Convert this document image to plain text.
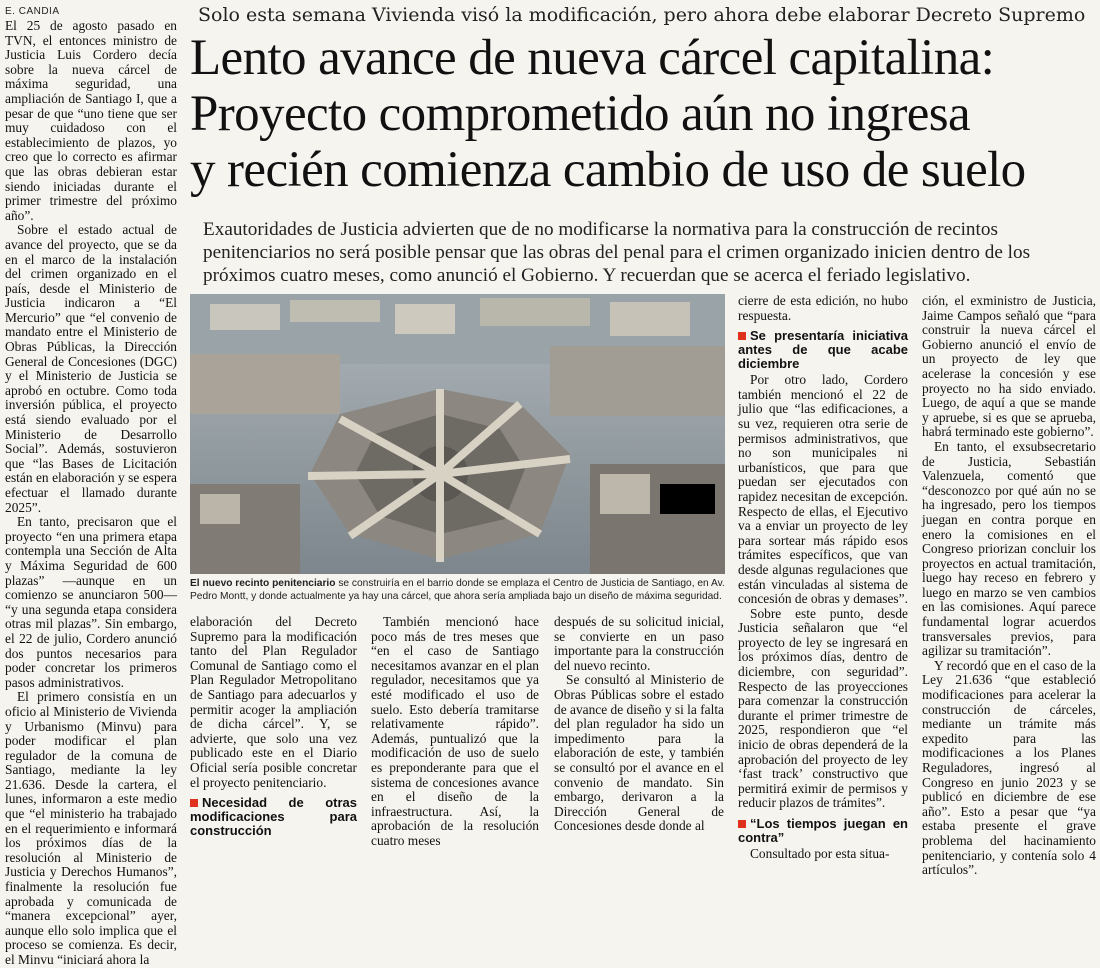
E. CANDIA	Solo esta semana Vivienda visó la modificación, pero ahora debe elaborar Decreto Supremo
Lento avance de nueva cárcel capitalina:
Proyecto comprometido aún no ingresa
y recién comienza cambio de uso de suelo

Exautoridades de Justicia advierten que de no modificarse la normativa para la construcción de recintos penitenciarios no será posible pensar que las obras del penal para el crimen organizado inicien dentro de los próximos cuatro meses, como anunció el Gobierno. Y recuerdan que se acerca el feriado legislativo.

El 25 de agosto pasado en TVN, el entonces ministro de Justicia Luis Cordero decía sobre la nueva cárcel de máxima seguridad, una ampliación de Santiago I, que a pesar de que “uno tiene que ser muy cuidadoso con el establecimiento de plazos, yo creo que lo correcto es afirmar que las obras debieran estar siendo iniciadas durante el primer trimestre del próximo año”.

Sobre el estado actual de avance del proyecto, que se da en el marco de la instalación del crimen organizado en el país, desde el Ministerio de Justicia indicaron a “El Mercurio” que “el convenio de mandato entre el Ministerio de Obras Públicas, la Dirección General de Concesiones (DGC) y el Ministerio de Justicia se aprobó en octubre. Como toda inversión pública, el proyecto está siendo evaluado por el Ministerio de Desarrollo Social”. Además, sostuvieron que “las Bases de Licitación están en elaboración y se espera efectuar el llamado durante 2025”.

En tanto, precisaron que el proyecto “en una primera etapa contempla una Sección de Alta y Máxima Seguridad de 600 plazas” —aunque en un comienzo se anunciaron 500— “y una segunda etapa considera otras mil plazas”. Sin embargo, el 22 de julio, Cordero anunció dos puntos necesarios para poder concretar los primeros pasos administrativos.

El primero consistía en un oficio al Ministerio de Vivienda y Urbanismo (Minvu) para poder modificar el plan regulador de la comuna de Santiago, mediante la ley 21.636. Desde la cartera, el lunes, informaron a este medio que “el ministerio ha trabajado en el requerimiento e informará los próximos días de la resolución al Ministerio de Justicia y Derechos Humanos”, finalmente la resolución fue aprobada y comunicada de “manera excepcional” ayer, aunque ello solo implica que el proceso se comienza. Es decir, el Minvu “iniciará ahora la

El nuevo recinto penitenciario se construiría en el barrio donde se emplaza el Centro de Justicia de Santiago, en Av. Pedro Montt, y donde actualmente ya hay una cárcel, que ahora sería ampliada bajo un diseño de máxima seguridad.

elaboración del Decreto Supremo para la modificación tanto del Plan Regulador Comunal de Santiago como el Plan Regulador Metropolitano de Santiago para adecuarlos y permitir acoger la ampliación de dicha cárcel”. Y, se advierte, que solo una vez publicado este en el Diario Oficial sería posible concretar el proyecto penitenciario.

Necesidad de otras modificaciones para construcción

También mencionó hace poco más de tres meses que “en el caso de Santiago necesitamos avanzar en el plan regulador, necesitamos que ya esté modificado el uso de suelo. Esto debería tramitarse relativamente rápido”. Además, puntualizó que la modificación de uso de suelo es preponderante para que el sistema de concesiones avance en el diseño de la infraestructura. Así, la aprobación de la resolución cuatro meses

después de su solicitud inicial, se convierte en un paso importante para la construcción del nuevo recinto.

Se consultó al Ministerio de Obras Públicas sobre el estado de avance de diseño y si la falta del plan regulador ha sido un impedimento para la elaboración de este, y también se consultó por el avance en el convenio de mandato. Sin embargo, derivaron a la Dirección General de Concesiones desde donde al

cierre de esta edición, no hubo respuesta.

Se presentaría iniciativa antes de que acabe diciembre

Por otro lado, Cordero también mencionó el 22 de julio que “las edificaciones, a su vez, requieren otra serie de permisos administrativos, que no son municipales ni urbanísticos, que para que puedan ser ejecutados con rapidez necesitan de excepción. Respecto de ellas, el Ejecutivo va a enviar un proyecto de ley para sortear más rápido esos trámites específicos, que van desde algunas regulaciones que están vinculadas al sistema de concesión de obras y demases”.

Sobre este punto, desde Justicia señalaron que “el proyecto de ley se ingresará en los próximos días, dentro de diciembre, con seguridad”. Respecto de las proyecciones para comenzar la construcción durante el primer trimestre de 2025, respondieron que “el inicio de obras dependerá de la aprobación del proyecto de ley ‘fast track’ constructivo que permitirá eximir de permisos y reducir plazos de trámites”.

“Los tiempos juegan en contra”

Consultado por esta situa-

ción, el exministro de Justicia, Jaime Campos señaló que “para construir la nueva cárcel el Gobierno anunció el envío de un proyecto de ley que acelerase la concesión y ese proyecto no ha sido enviado. Luego, de aquí a que se mande y apruebe, si es que se aprueba, habrá terminado este gobierno”.

En tanto, el exsubsecretario de Justicia, Sebastián Valenzuela, comentó que “desconozco por qué aún no se ha ingresado, pero los tiempos juegan en contra porque en enero la comisiones en el Congreso priorizan concluir los proyectos en actual tramitación, luego hay receso en febrero y luego en marzo se ven cambios en las comisiones. Aquí parece fundamental lograr acuerdos transversales previos, para agilizar su tramitación”.

Y recordó que en el caso de la Ley 21.636 “que estableció modificaciones para acelerar la construcción de cárceles, mediante un trámite más expedito para las modificaciones a los Planes Reguladores, ingresó al Congreso en junio 2023 y se publicó en diciembre de ese año”. Esto a pesar que “ya estaba presente el grave problema del hacinamiento penitenciario, y contenía solo 4 artículos”.
